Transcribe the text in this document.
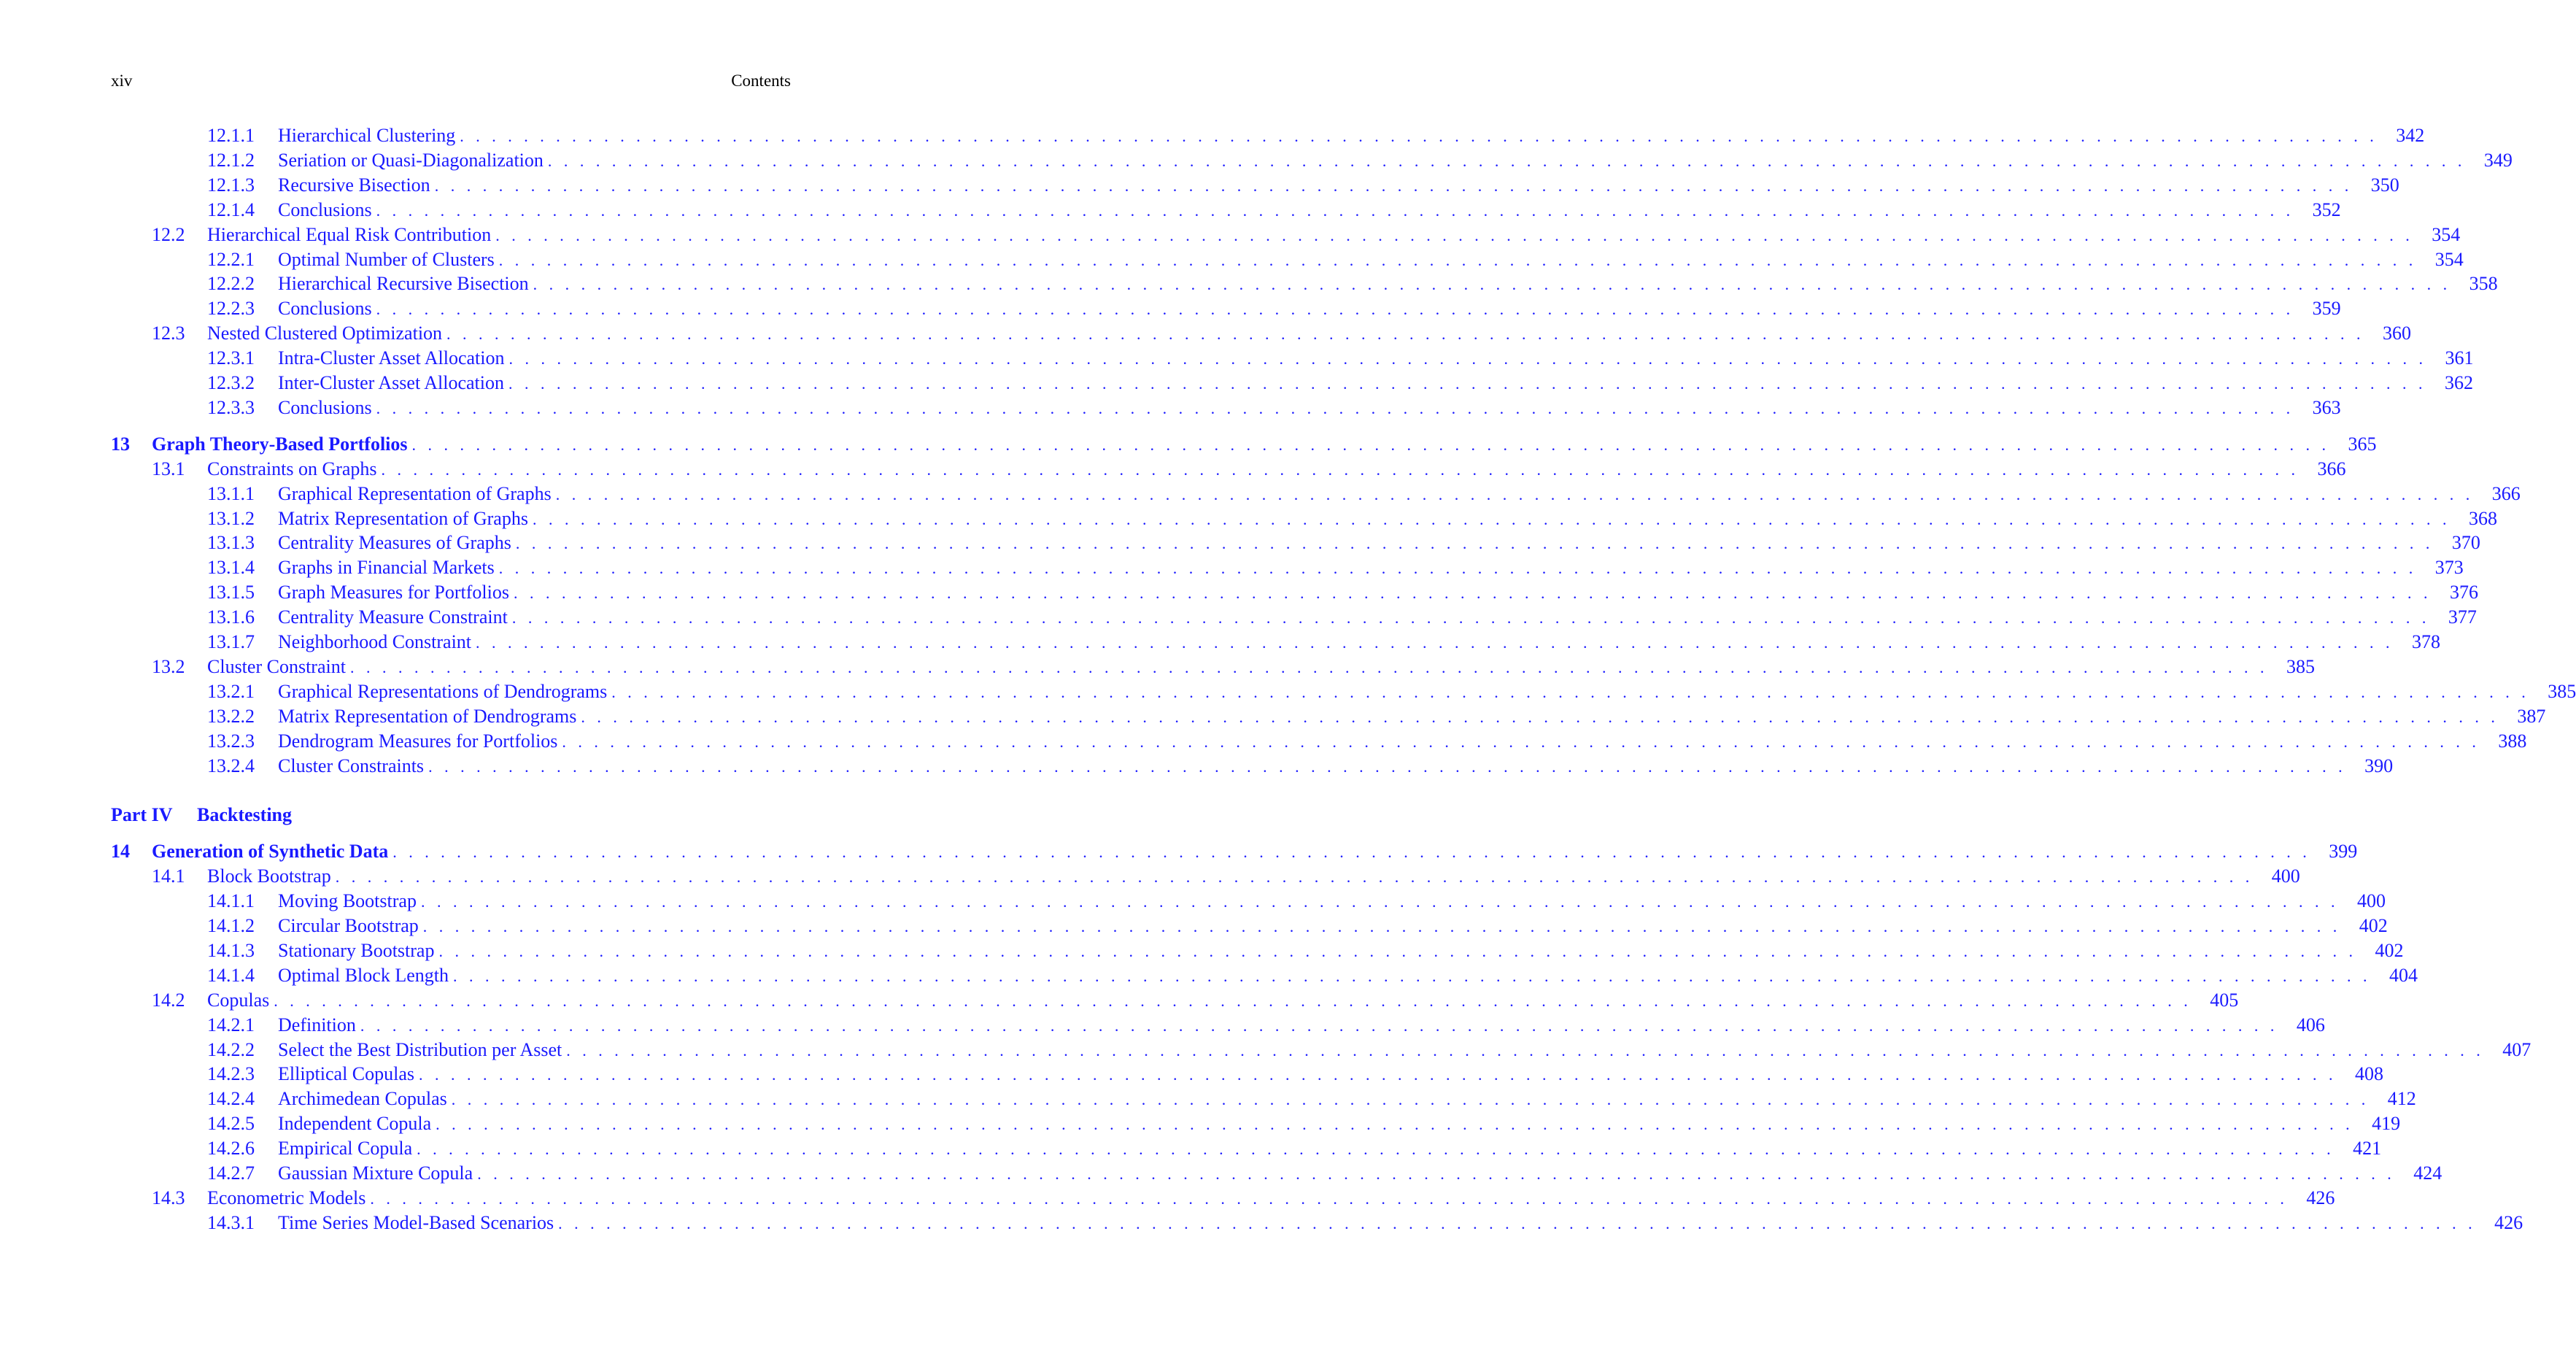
xiv	Contents
12.1.1 Hierarchical Clustering . . . . . . . . . . . . . . . . . . . . . . . . . . . . . . . . . . . . . . . . . . . . . . . . . . . . . . . . . . . . . . . . . . . . . . . . . . . . . . . . . . . . . . . . . . . . . . . . . . . . . . . . . . . . . . . . . . . . . . . . 342
12.1.2 Seriation or Quasi-Diagonalization . . . . . . . . . . . . . . . . . . . . . . . . . . . . . . . . . . . . . . . . . . . . . . . . . . . . . . . . . . . . . . . . . . . . . . . . . . . . . . . . . . . . . . . . . . . . . . . . . . . . . . . . . . . . . . . . . . . . . . . . 349
12.1.3 Recursive Bisection . . . . . . . . . . . . . . . . . . . . . . . . . . . . . . . . . . . . . . . . . . . . . . . . . . . . . . . . . . . . . . . . . . . . . . . . . . . . . . . . . . . . . . . . . . . . . . . . . . . . . . . . . . . . . . . . . . . . . . . . 350
12.1.4 Conclusions . . . . . . . . . . . . . . . . . . . . . . . . . . . . . . . . . . . . . . . . . . . . . . . . . . . . . . . . . . . . . . . . . . . . . . . . . . . . . . . . . . . . . . . . . . . . . . . . . . . . . . . . . . . . . . . . . . . . . . . . 352
12.2 Hierarchical Equal Risk Contribution . . . . . . . . . . . . . . . . . . . . . . . . . . . . . . . . . . . . . . . . . . . . . . . . . . . . . . . . . . . . . . . . . . . . . . . . . . . . . . . . . . . . . . . . . . . . . . . . . . . . . . . . . . . . . . . . . . . . . . . . 354
12.2.1 Optimal Number of Clusters . . . . . . . . . . . . . . . . . . . . . . . . . . . . . . . . . . . . . . . . . . . . . . . . . . . . . . . . . . . . . . . . . . . . . . . . . . . . . . . . . . . . . . . . . . . . . . . . . . . . . . . . . . . . . . . . . . . . . . . . 354
12.2.2 Hierarchical Recursive Bisection . . . . . . . . . . . . . . . . . . . . . . . . . . . . . . . . . . . . . . . . . . . . . . . . . . . . . . . . . . . . . . . . . . . . . . . . . . . . . . . . . . . . . . . . . . . . . . . . . . . . . . . . . . . . . . . . . . . . . . . . 358
12.2.3 Conclusions . . . . . . . . . . . . . . . . . . . . . . . . . . . . . . . . . . . . . . . . . . . . . . . . . . . . . . . . . . . . . . . . . . . . . . . . . . . . . . . . . . . . . . . . . . . . . . . . . . . . . . . . . . . . . . . . . . . . . . . . 359
12.3 Nested Clustered Optimization . . . . . . . . . . . . . . . . . . . . . . . . . . . . . . . . . . . . . . . . . . . . . . . . . . . . . . . . . . . . . . . . . . . . . . . . . . . . . . . . . . . . . . . . . . . . . . . . . . . . . . . . . . . . . . . . . . . . . . . . 360
12.3.1 Intra-Cluster Asset Allocation . . . . . . . . . . . . . . . . . . . . . . . . . . . . . . . . . . . . . . . . . . . . . . . . . . . . . . . . . . . . . . . . . . . . . . . . . . . . . . . . . . . . . . . . . . . . . . . . . . . . . . . . . . . . . . . . . . . . . . . . 361
12.3.2 Inter-Cluster Asset Allocation . . . . . . . . . . . . . . . . . . . . . . . . . . . . . . . . . . . . . . . . . . . . . . . . . . . . . . . . . . . . . . . . . . . . . . . . . . . . . . . . . . . . . . . . . . . . . . . . . . . . . . . . . . . . . . . . . . . . . . . . 362
12.3.3 Conclusions . . . . . . . . . . . . . . . . . . . . . . . . . . . . . . . . . . . . . . . . . . . . . . . . . . . . . . . . . . . . . . . . . . . . . . . . . . . . . . . . . . . . . . . . . . . . . . . . . . . . . . . . . . . . . . . . . . . . . . . . 363
13 Graph Theory-Based Portfolios . . . . . . . . . . . . . . . . . . . . . . . . . . . . . . . . . . . . . . . . . . . . . . . . . . . . . . . . . . . . . . . . . . . . . . . . . . . . . . . . . . . . . . . . . . . . . . . . . . . . . . . . . . . . . . . . . . . . . . . . 365
13.1 Constraints on Graphs . . . . . . . . . . . . . . . . . . . . . . . . . . . . . . . . . . . . . . . . . . . . . . . . . . . . . . . . . . . . . . . . . . . . . . . . . . . . . . . . . . . . . . . . . . . . . . . . . . . . . . . . . . . . . . . . . . . . . . . . 366
13.1.1 Graphical Representation of Graphs . . . . . . . . . . . . . . . . . . . . . . . . . . . . . . . . . . . . . . . . . . . . . . . . . . . . . . . . . . . . . . . . . . . . . . . . . . . . . . . . . . . . . . . . . . . . . . . . . . . . . . . . . . . . . . . . . . . . . . . . 366
13.1.2 Matrix Representation of Graphs . . . . . . . . . . . . . . . . . . . . . . . . . . . . . . . . . . . . . . . . . . . . . . . . . . . . . . . . . . . . . . . . . . . . . . . . . . . . . . . . . . . . . . . . . . . . . . . . . . . . . . . . . . . . . . . . . . . . . . . . 368
13.1.3 Centrality Measures of Graphs . . . . . . . . . . . . . . . . . . . . . . . . . . . . . . . . . . . . . . . . . . . . . . . . . . . . . . . . . . . . . . . . . . . . . . . . . . . . . . . . . . . . . . . . . . . . . . . . . . . . . . . . . . . . . . . . . . . . . . . . 370
13.1.4 Graphs in Financial Markets . . . . . . . . . . . . . . . . . . . . . . . . . . . . . . . . . . . . . . . . . . . . . . . . . . . . . . . . . . . . . . . . . . . . . . . . . . . . . . . . . . . . . . . . . . . . . . . . . . . . . . . . . . . . . . . . . . . . . . . . 373
13.1.5 Graph Measures for Portfolios . . . . . . . . . . . . . . . . . . . . . . . . . . . . . . . . . . . . . . . . . . . . . . . . . . . . . . . . . . . . . . . . . . . . . . . . . . . . . . . . . . . . . . . . . . . . . . . . . . . . . . . . . . . . . . . . . . . . . . . . 376
13.1.6 Centrality Measure Constraint . . . . . . . . . . . . . . . . . . . . . . . . . . . . . . . . . . . . . . . . . . . . . . . . . . . . . . . . . . . . . . . . . . . . . . . . . . . . . . . . . . . . . . . . . . . . . . . . . . . . . . . . . . . . . . . . . . . . . . . . 377
13.1.7 Neighborhood Constraint . . . . . . . . . . . . . . . . . . . . . . . . . . . . . . . . . . . . . . . . . . . . . . . . . . . . . . . . . . . . . . . . . . . . . . . . . . . . . . . . . . . . . . . . . . . . . . . . . . . . . . . . . . . . . . . . . . . . . . . . 378
13.2 Cluster Constraint . . . . . . . . . . . . . . . . . . . . . . . . . . . . . . . . . . . . . . . . . . . . . . . . . . . . . . . . . . . . . . . . . . . . . . . . . . . . . . . . . . . . . . . . . . . . . . . . . . . . . . . . . . . . . . . . . . . . . . . . 385
13.2.1 Graphical Representations of Dendrograms . . . . . . . . . . . . . . . . . . . . . . . . . . . . . . . . . . . . . . . . . . . . . . . . . . . . . . . . . . . . . . . . . . . . . . . . . . . . . . . . . . . . . . . . . . . . . . . . . . . . . . . . . . . . . . . . . . . . . . . . 385
13.2.2 Matrix Representation of Dendrograms . . . . . . . . . . . . . . . . . . . . . . . . . . . . . . . . . . . . . . . . . . . . . . . . . . . . . . . . . . . . . . . . . . . . . . . . . . . . . . . . . . . . . . . . . . . . . . . . . . . . . . . . . . . . . . . . . . . . . . . . 387
13.2.3 Dendrogram Measures for Portfolios . . . . . . . . . . . . . . . . . . . . . . . . . . . . . . . . . . . . . . . . . . . . . . . . . . . . . . . . . . . . . . . . . . . . . . . . . . . . . . . . . . . . . . . . . . . . . . . . . . . . . . . . . . . . . . . . . . . . . . . . 388
13.2.4 Cluster Constraints . . . . . . . . . . . . . . . . . . . . . . . . . . . . . . . . . . . . . . . . . . . . . . . . . . . . . . . . . . . . . . . . . . . . . . . . . . . . . . . . . . . . . . . . . . . . . . . . . . . . . . . . . . . . . . . . . . . . . . . . 390
Part IV Backtesting
14 Generation of Synthetic Data . . . . . . . . . . . . . . . . . . . . . . . . . . . . . . . . . . . . . . . . . . . . . . . . . . . . . . . . . . . . . . . . . . . . . . . . . . . . . . . . . . . . . . . . . . . . . . . . . . . . . . . . . . . . . . . . . . . . . . . . 399
14.1 Block Bootstrap . . . . . . . . . . . . . . . . . . . . . . . . . . . . . . . . . . . . . . . . . . . . . . . . . . . . . . . . . . . . . . . . . . . . . . . . . . . . . . . . . . . . . . . . . . . . . . . . . . . . . . . . . . . . . . . . . . . . . . . . 400
14.1.1 Moving Bootstrap . . . . . . . . . . . . . . . . . . . . . . . . . . . . . . . . . . . . . . . . . . . . . . . . . . . . . . . . . . . . . . . . . . . . . . . . . . . . . . . . . . . . . . . . . . . . . . . . . . . . . . . . . . . . . . . . . . . . . . . . 400
14.1.2 Circular Bootstrap . . . . . . . . . . . . . . . . . . . . . . . . . . . . . . . . . . . . . . . . . . . . . . . . . . . . . . . . . . . . . . . . . . . . . . . . . . . . . . . . . . . . . . . . . . . . . . . . . . . . . . . . . . . . . . . . . . . . . . . . 402
14.1.3 Stationary Bootstrap . . . . . . . . . . . . . . . . . . . . . . . . . . . . . . . . . . . . . . . . . . . . . . . . . . . . . . . . . . . . . . . . . . . . . . . . . . . . . . . . . . . . . . . . . . . . . . . . . . . . . . . . . . . . . . . . . . . . . . . . 402
14.1.4 Optimal Block Length . . . . . . . . . . . . . . . . . . . . . . . . . . . . . . . . . . . . . . . . . . . . . . . . . . . . . . . . . . . . . . . . . . . . . . . . . . . . . . . . . . . . . . . . . . . . . . . . . . . . . . . . . . . . . . . . . . . . . . . . 404
14.2 Copulas . . . . . . . . . . . . . . . . . . . . . . . . . . . . . . . . . . . . . . . . . . . . . . . . . . . . . . . . . . . . . . . . . . . . . . . . . . . . . . . . . . . . . . . . . . . . . . . . . . . . . . . . . . . . . . . . . . . . . . . . 405
14.2.1 Definition . . . . . . . . . . . . . . . . . . . . . . . . . . . . . . . . . . . . . . . . . . . . . . . . . . . . . . . . . . . . . . . . . . . . . . . . . . . . . . . . . . . . . . . . . . . . . . . . . . . . . . . . . . . . . . . . . . . . . . . . 406
14.2.2 Select the Best Distribution per Asset . . . . . . . . . . . . . . . . . . . . . . . . . . . . . . . . . . . . . . . . . . . . . . . . . . . . . . . . . . . . . . . . . . . . . . . . . . . . . . . . . . . . . . . . . . . . . . . . . . . . . . . . . . . . . . . . . . . . . . . . 407
14.2.3 Elliptical Copulas . . . . . . . . . . . . . . . . . . . . . . . . . . . . . . . . . . . . . . . . . . . . . . . . . . . . . . . . . . . . . . . . . . . . . . . . . . . . . . . . . . . . . . . . . . . . . . . . . . . . . . . . . . . . . . . . . . . . . . . . 408
14.2.4 Archimedean Copulas . . . . . . . . . . . . . . . . . . . . . . . . . . . . . . . . . . . . . . . . . . . . . . . . . . . . . . . . . . . . . . . . . . . . . . . . . . . . . . . . . . . . . . . . . . . . . . . . . . . . . . . . . . . . . . . . . . . . . . . . 412
14.2.5 Independent Copula . . . . . . . . . . . . . . . . . . . . . . . . . . . . . . . . . . . . . . . . . . . . . . . . . . . . . . . . . . . . . . . . . . . . . . . . . . . . . . . . . . . . . . . . . . . . . . . . . . . . . . . . . . . . . . . . . . . . . . . . 419
14.2.6 Empirical Copula . . . . . . . . . . . . . . . . . . . . . . . . . . . . . . . . . . . . . . . . . . . . . . . . . . . . . . . . . . . . . . . . . . . . . . . . . . . . . . . . . . . . . . . . . . . . . . . . . . . . . . . . . . . . . . . . . . . . . . . . 421
14.2.7 Gaussian Mixture Copula . . . . . . . . . . . . . . . . . . . . . . . . . . . . . . . . . . . . . . . . . . . . . . . . . . . . . . . . . . . . . . . . . . . . . . . . . . . . . . . . . . . . . . . . . . . . . . . . . . . . . . . . . . . . . . . . . . . . . . . . 424
14.3 Econometric Models . . . . . . . . . . . . . . . . . . . . . . . . . . . . . . . . . . . . . . . . . . . . . . . . . . . . . . . . . . . . . . . . . . . . . . . . . . . . . . . . . . . . . . . . . . . . . . . . . . . . . . . . . . . . . . . . . . . . . . . . 426
14.3.1 Time Series Model-Based Scenarios . . . . . . . . . . . . . . . . . . . . . . . . . . . . . . . . . . . . . . . . . . . . . . . . . . . . . . . . . . . . . . . . . . . . . . . . . . . . . . . . . . . . . . . . . . . . . . . . . . . . . . . . . . . . . . . . . . . . . . . . 426
